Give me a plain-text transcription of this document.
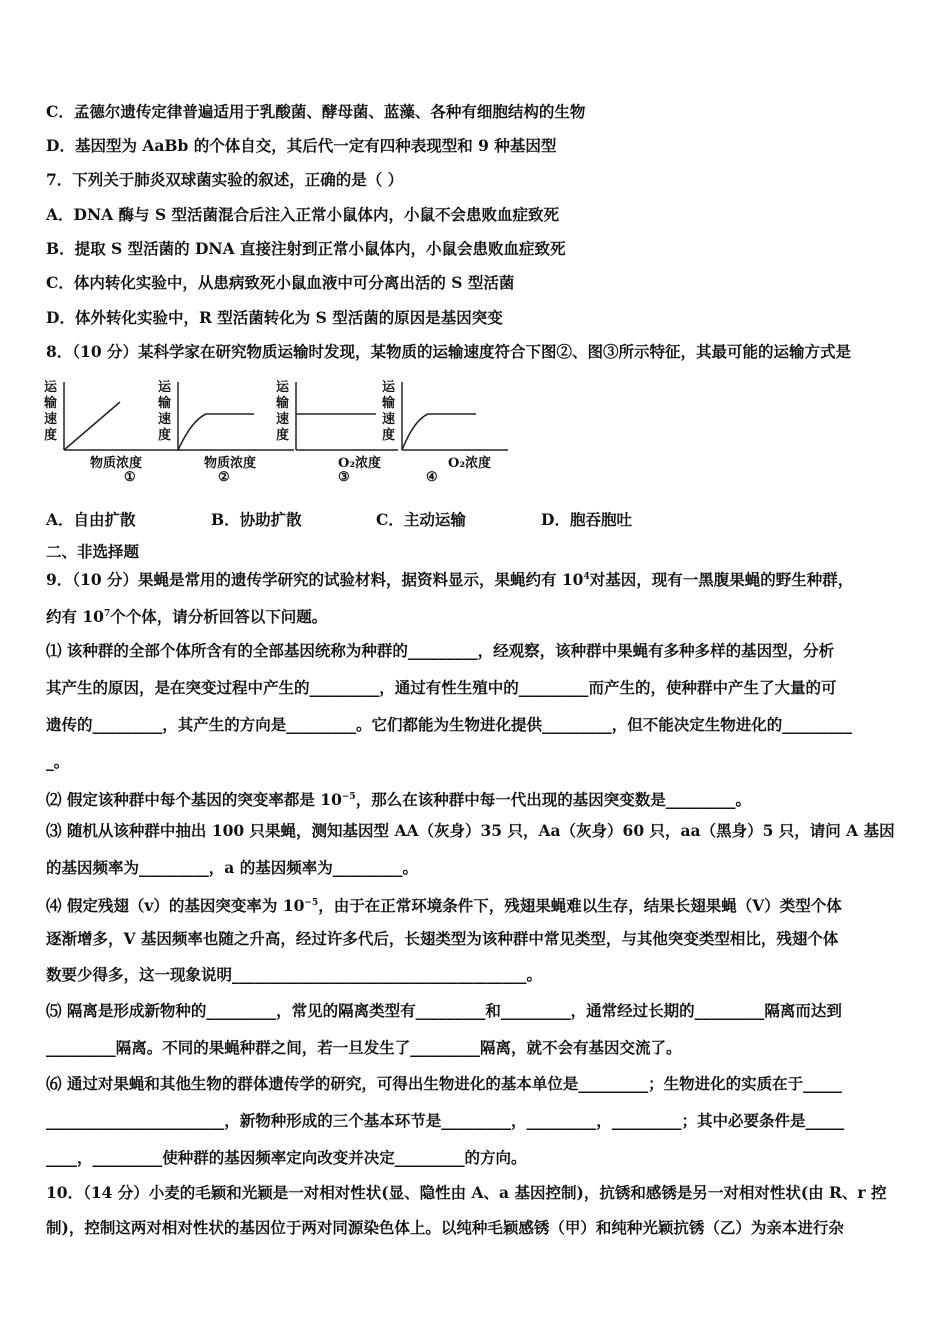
C．孟德尔遗传定律普遍适用于乳酸菌、酵母菌、蓝藻、各种有细胞结构的生物
D．基因型为 AaBb 的个体自交，其后代一定有四种表现型和 9 种基因型
7．下列关于肺炎双球菌实验的叙述，正确的是（ ）
A．DNA 酶与 S 型活菌混合后注入正常小鼠体内，小鼠不会患败血症致死
B．提取 S 型活菌的 DNA 直接注射到正常小鼠体内，小鼠会患败血症致死
C．体内转化实验中，从患病致死小鼠血液中可分离出活的 S 型活菌
D．体外转化实验中，R 型活菌转化为 S 型活菌的原因是基因突变
8．（10 分）某科学家在研究物质运输时发现，某物质的运输速度符合下图②、图③所示特征，其最可能的运输方式是
运
输
速
度
物质浓度
①
运
输
速
度
物质浓度
②
运
输
速
度
O₂浓度
③
运
输
速
度
O₂浓度
④
A．自由扩散	B．协助扩散	C．主动运输	D．胞吞胞吐
二、非选择题
9．（10 分）果蝇是常用的遗传学研究的试验材料，据资料显示，果蝇约有 $10^4$对基因，现有一黑腹果蝇的野生种群，
约有 $10^7$个个体，请分析回答以下问题。
⑴ 该种群的全部个体所含有的全部基因统称为种群的_________，经观察，该种群中果蝇有多种多样的基因型，分析
其产生的原因，是在突变过程中产生的_________，通过有性生殖中的_________而产生的，使种群中产生了大量的可
遗传的_________，其产生的方向是_________。它们都能为生物进化提供_________，但不能决定生物进化的_________
_。
⑵ 假定该种群中每个基因的突变率都是 $10^{-5}$，那么在该种群中每一代出现的基因突变数是_________。
⑶ 随机从该种群中抽出 100 只果蝇，测知基因型 AA（灰身）35 只，Aa（灰身）60 只，aa（黑身）5 只，请问 A 基因
的基因频率为_________，a 的基因频率为_________。
⑷ 假定残翅（v）的基因突变率为 $10^{-5}$，由于在正常环境条件下，残翅果蝇难以生存，结果长翅果蝇（V）类型个体
逐渐增多，V 基因频率也随之升高，经过许多代后，长翅类型为该种群中常见类型，与其他突变类型相比，残翅个体
数要少得多，这一现象说明______________________________________。
⑸ 隔离是形成新物种的_________，常见的隔离类型有_________和_________，通常经过长期的_________隔离而达到
_________隔离。不同的果蝇种群之间，若一旦发生了_________隔离，就不会有基因交流了。
⑹ 通过对果蝇和其他生物的群体遗传学的研究，可得出生物进化的基本单位是_________；生物进化的实质在于_____
_______________________，新物种形成的三个基本环节是_________，_________，_________；其中必要条件是_____
____，_________使种群的基因频率定向改变并决定_________的方向。
10．（14 分）小麦的毛颖和光颖是一对相对性状(显、隐性由 A、a 基因控制)，抗锈和感锈是另一对相对性状(由 R、r 控
制)，控制这两对相对性状的基因位于两对同源染色体上。以纯种毛颖感锈（甲）和纯种光颖抗锈（乙）为亲本进行杂
